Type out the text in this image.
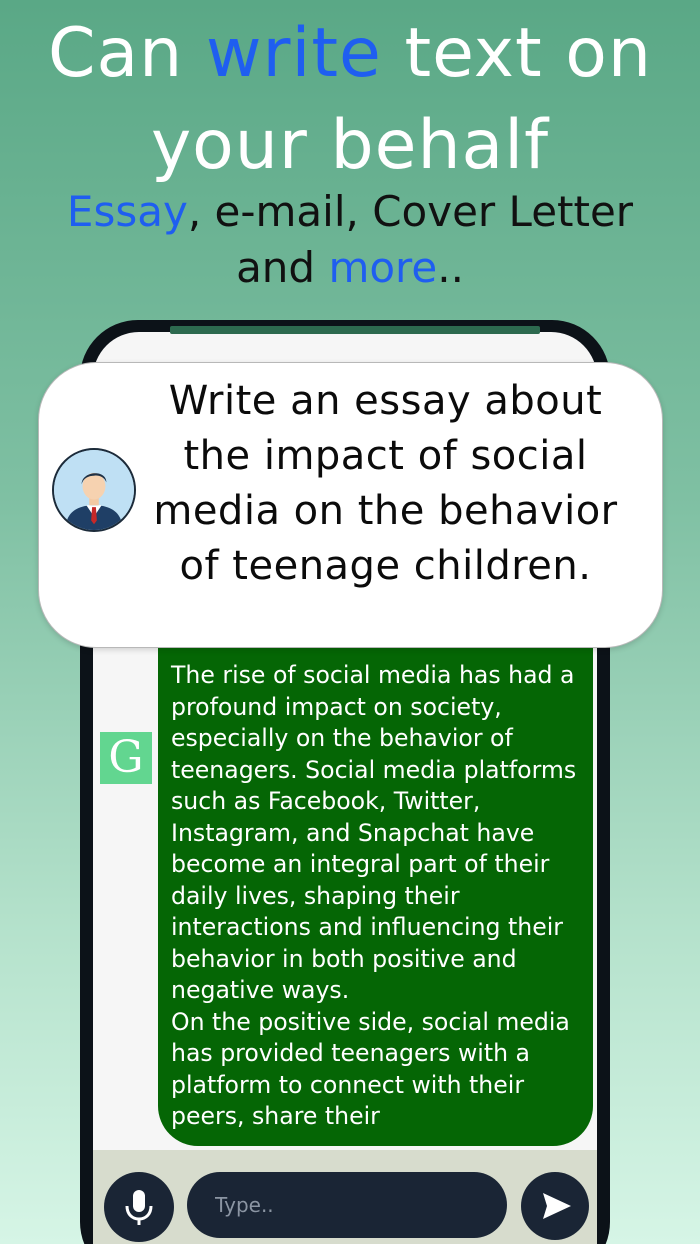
Can write text on
your behalf
Essay, e-mail, Cover Letter
and more..
G
The rise of social media has had a profound impact on society, especially on the behavior of teenagers. Social media platforms such as Facebook, Twitter, Instagram, and Snapchat have become an integral part of their daily lives, shaping their interactions and influencing their behavior in both positive and negative ways.
On the positive side, social media has provided teenagers with a platform to connect with their peers, share their
Write an essay about the impact of social media on the behavior of teenage children.
Type..
